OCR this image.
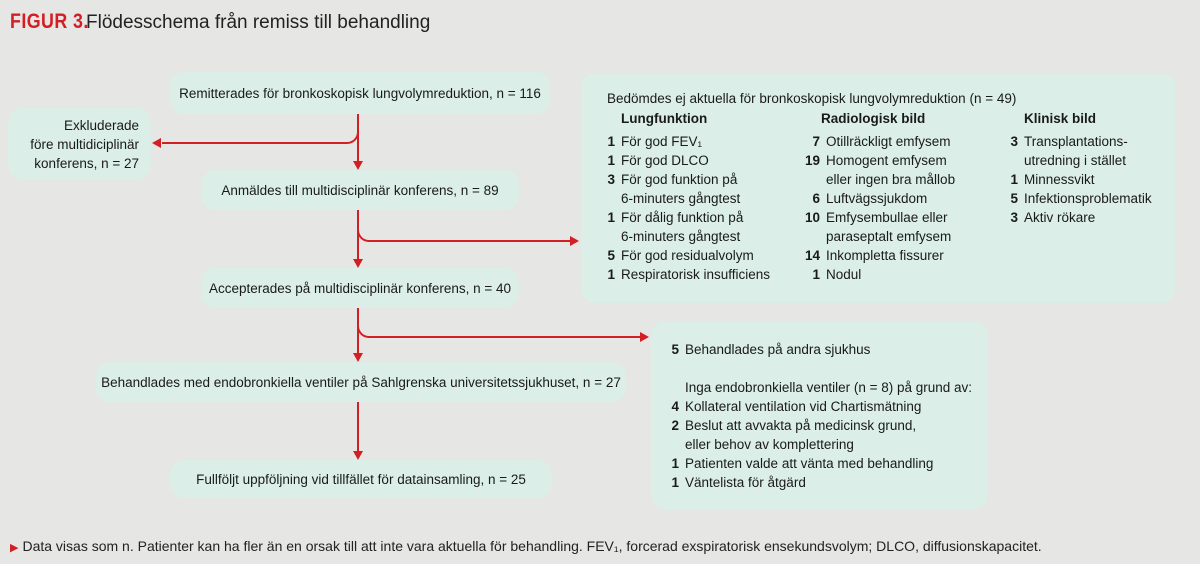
FIGUR 3.
Flödesschema från remiss till behandling
Remitterades för bronkoskopisk lungvolymreduktion, n = 116
Exkluderade
före multidiciplinär
konferens, n = 27
Anmäldes till multidisciplinär konferens, n = 89
Accepterades på multidisciplinär konferens, n = 40
Behandlades med endobronkiella ventiler på Sahlgrenska universitetssjukhuset, n = 27
Fullföljt uppföljning vid tillfället för datainsamling, n = 25
Bedömdes ej aktuella för bronkoskopisk lungvolymreduktion (n = 49)
Lungfunktion
1 För god FEV₁
1 För god DLCO
3 För god funktion på
6-minuters gångtest
1 För dålig funktion på
6-minuters gångtest
5 För god residualvolym
1 Respiratorisk insufficiens
Radiologisk bild
7 Otillräckligt emfysem
19 Homogent emfysem
eller ingen bra mållob
6 Luftvägssjukdom
10 Emfysembullae eller
paraseptalt emfysem
14 Inkompletta fissurer
1 Nodul
Klinisk bild
3 Transplantations-
utredning i stället
1 Minnessvikt
5 Infektionsproblematik
3 Aktiv rökare
5 Behandlades på andra sjukhus
Inga endobronkiella ventiler (n = 8) på grund av:
4 Kollateral ventilation vid Chartismätning
2 Beslut att avvakta på medicinsk grund,
eller behov av komplettering
1 Patienten valde att vänta med behandling
1 Väntelista för åtgärd
▶ Data visas som n. Patienter kan ha fler än en orsak till att inte vara aktuella för behandling. FEV₁, forcerad exspiratorisk ensekundsvolym; DLCO, diffusionskapacitet.
